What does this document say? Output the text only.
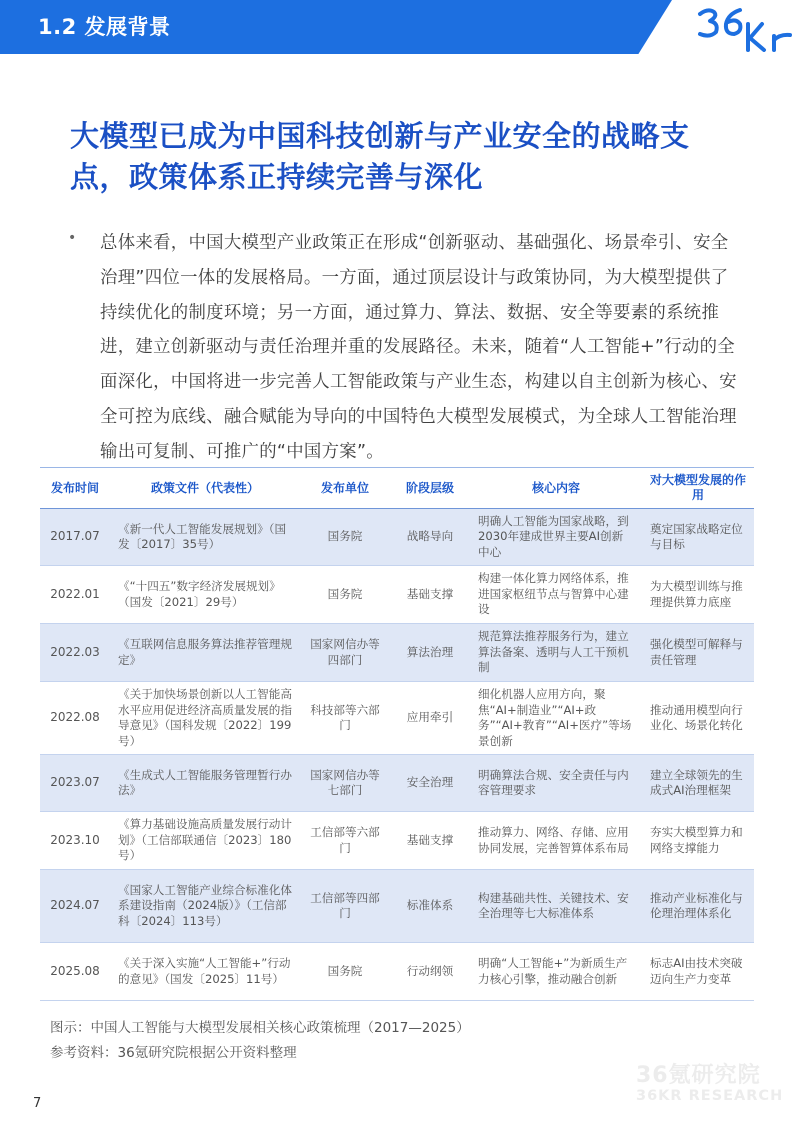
1.2 发展背景
36Kr
大模型已成为中国科技创新与产业安全的战略支点，政策体系正持续完善与深化
• 总体来看，中国大模型产业政策正在形成“创新驱动、基础强化、场景牵引、安全治理”四位一体的发展格局。一方面，通过顶层设计与政策协同，为大模型提供了持续优化的制度环境；另一方面，通过算力、算法、数据、安全等要素的系统推进，建立创新驱动与责任治理并重的发展路径。未来，随着“人工智能+”行动的全面深化，中国将进一步完善人工智能政策与产业生态，构建以自主创新为核心、安全可控为底线、融合赋能为导向的中国特色大模型发展模式，为全球人工智能治理输出可复制、可推广的“中国方案”。
发布时间	政策文件（代表性）	发布单位	阶段层级	核心内容	对大模型发展的作用
2017.07	《新一代人工智能发展规划》（国发〔2017〕35号）	国务院	战略导向	明确人工智能为国家战略，到2030年建成世界主要AI创新中心	奠定国家战略定位与目标
2022.01	《“十四五”数字经济发展规划》（国发〔2021〕29号）	国务院	基础支撑	构建一体化算力网络体系，推进国家枢纽节点与智算中心建设	为大模型训练与推理提供算力底座
2022.03	《互联网信息服务算法推荐管理规定》	国家网信办等四部门	算法治理	规范算法推荐服务行为，建立算法备案、透明与人工干预机制	强化模型可解释与责任管理
2022.08	《关于加快场景创新以人工智能高水平应用促进经济高质量发展的指导意见》（国科发规〔2022〕199号）	科技部等六部门	应用牵引	细化机器人应用方向，聚焦“AI+制造业”“AI+政务”“AI+教育”“AI+医疗”等场景创新	推动通用模型向行业化、场景化转化
2023.07	《生成式人工智能服务管理暂行办法》	国家网信办等七部门	安全治理	明确算法合规、安全责任与内容管理要求	建立全球领先的生成式AI治理框架
2023.10	《算力基础设施高质量发展行动计划》（工信部联通信〔2023〕180号）	工信部等六部门	基础支撑	推动算力、网络、存储、应用协同发展，完善智算体系布局	夯实大模型算力和网络支撑能力
2024.07	《国家人工智能产业综合标准化体系建设指南（2024版）》（工信部科〔2024〕113号）	工信部等四部门	标准体系	构建基础共性、关键技术、安全治理等七大标准体系	推动产业标准化与伦理治理体系化
2025.08	《关于深入实施“人工智能+”行动的意见》（国发〔2025〕11号）	国务院	行动纲领	明确“人工智能+”为新质生产力核心引擎，推动融合创新	标志AI由技术突破迈向生产力变革
图示：中国人工智能与大模型发展相关核心政策梳理（2017—2025）
参考资料：36氪研究院根据公开资料整理
36氪研究院
36KR RESEARCH
7
